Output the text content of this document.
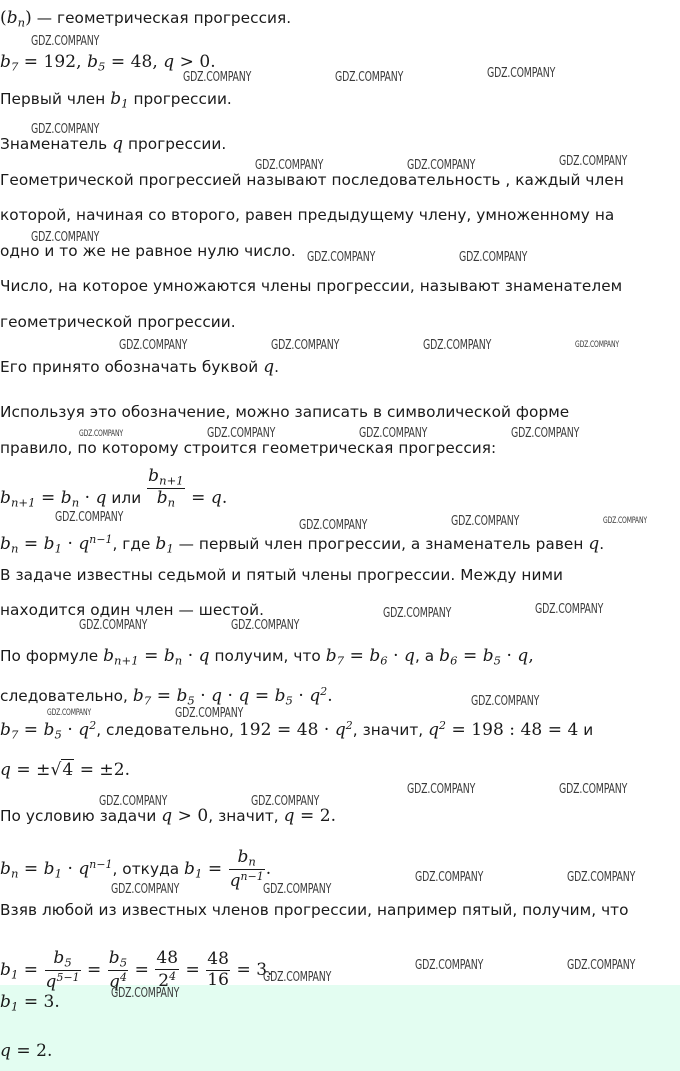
$(b_n)$ — геометрическая прогрессия.
$b_7 = 192$, $b_5 = 48$, q > 0.
Первый член $b_1$ прогрессии.
Знаменатель q прогрессии.
Геометрической прогрессией называют последовательность , каждый член
которой, начиная со второго, равен предыдущему члену, умноженному на
одно и то же не равное нулю число.
Число, на которое умножаются члены прогрессии, называют знаменателем
геометрической прогрессии.
Его принято обозначать буквой q.
Используя это обозначение, можно записать в символической форме
правило, по которому строится геометрическая прогрессия:
$b_{n+1} = b_n \cdot q$ или $\frac{b_{n+1}}{b_n} = q$.
$b_n = b_1 \cdot q^{n-1}$, где $b_1$ — первый член прогрессии, а знаменатель равен q.
В задаче известны седьмой и пятый члены прогрессии. Между ними
находится один член — шестой.
По формуле $b_{n+1} = b_n \cdot q$ получим, что $b_7 = b_6 \cdot q$, а $b_6 = b_5 \cdot q$,
следовательно, $b_7 = b_5 \cdot q \cdot q = b_5 \cdot q^2$.
$b_7 = b_5 \cdot q^2$, следовательно, $192 = 48 \cdot q^2$, значит, $q^2 = 198$ : 48 = 4 и
q = ±√4 = ±2.
По условию задачи q > 0, значит, q = 2.
$b_n = b_1 \cdot q^{n-1}$, откуда $b_1 = \frac{b_n}{q^{n-1}}$ .
Взяв любой из известных членов прогрессии, например пятый, получим, что
$b_1 = \frac{b_5}{q^{5-1}} = \frac{b_5}{q^4} = \frac{48}{2^4} = \frac{48}{16} = 3$.
$b_1 = 3$.
q = 2.
GDZ.COMPANY
GDZ.COMPANY	GDZ.COMPANY	GDZ.COMPANY
GDZ.COMPANY
GDZ.COMPANY	GDZ.COMPANY	GDZ.COMPANY
GDZ.COMPANY
GDZ.COMPANY	GDZ.COMPANY
GDZ.COMPANY	GDZ.COMPANY	GDZ.COMPANY	GDZ.COMPANY
GDZ.COMPANY	GDZ.COMPANY	GDZ.COMPANY	GDZ.COMPANY
GDZ.COMPANY
GDZ.COMPANY	GDZ.COMPANY	GDZ.COMPANY
GDZ.COMPANY	GDZ.COMPANY
GDZ.COMPANY	GDZ.COMPANY
GDZ.COMPANY
GDZ.COMPANY	GDZ.COMPANY
GDZ.COMPANY	GDZ.COMPANY
GDZ.COMPANY	GDZ.COMPANY
GDZ.COMPANY	GDZ.COMPANY
GDZ.COMPANY	GDZ.COMPANY
GDZ.COMPANY	GDZ.COMPANY
GDZ.COMPANY
GDZ.COMPANY
